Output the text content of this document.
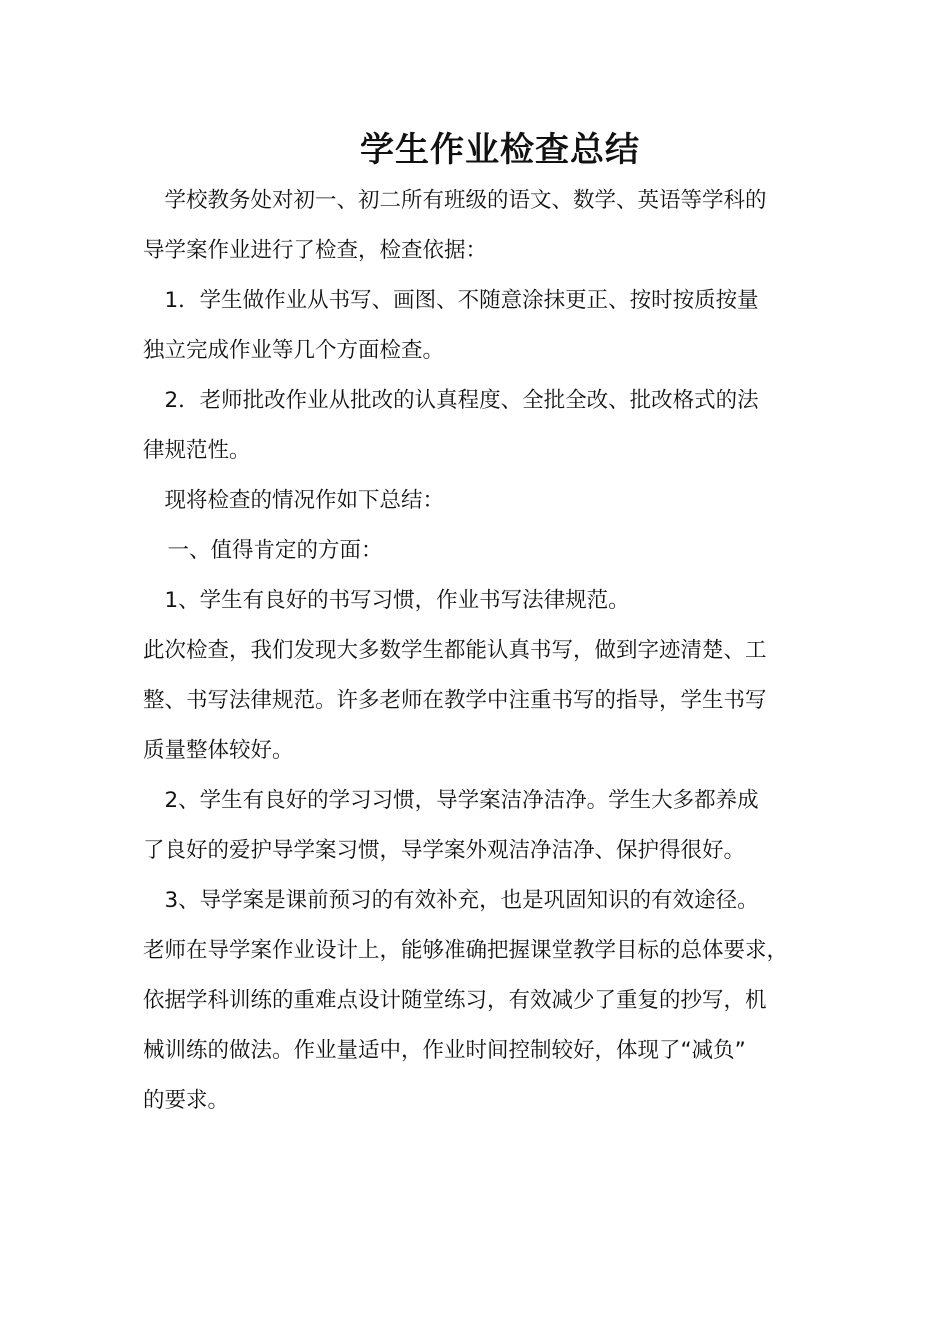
学生作业检查总结
　学校教务处对初一、初二所有班级的语文、数学、英语等学科的
导学案作业进行了检查，检查依据：
　1．学生做作业从书写、画图、不随意涂抹更正、按时按质按量
独立完成作业等几个方面检查。
　2．老师批改作业从批改的认真程度、全批全改、批改格式的法
律规范性。
　现将检查的情况作如下总结：
　一、值得肯定的方面：
　1、学生有良好的书写习惯，作业书写法律规范。
此次检查，我们发现大多数学生都能认真书写，做到字迹清楚、工
整、书写法律规范。许多老师在教学中注重书写的指导，学生书写
质量整体较好。
　2、学生有良好的学习习惯，导学案洁净洁净。学生大多都养成
了良好的爱护导学案习惯，导学案外观洁净洁净、保护得很好。
　3、导学案是课前预习的有效补充，也是巩固知识的有效途径。
老师在导学案作业设计上，能够准确把握课堂教学目标的总体要求，
依据学科训练的重难点设计随堂练习，有效减少了重复的抄写，机
械训练的做法。作业量适中，作业时间控制较好，体现了“减负”
的要求。
